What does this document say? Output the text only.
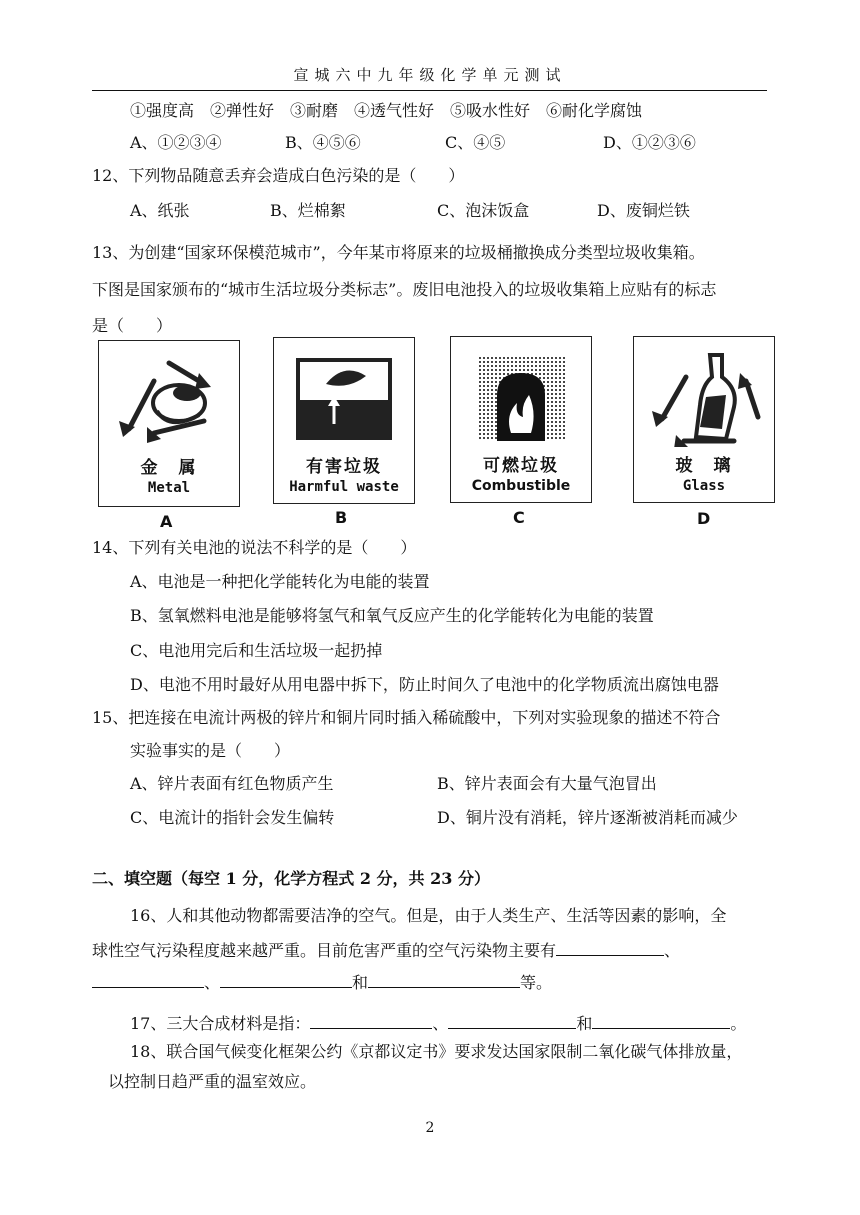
宣城六中九年级化学单元测试
①强度高　②弹性好　③耐磨　④透气性好　⑤吸水性好　⑥耐化学腐蚀
A、①②③④	B、④⑤⑥	C、④⑤	D、①②③⑥
12、下列物品随意丢弃会造成白色污染的是（　　）
A、纸张	B、烂棉絮	C、泡沫饭盒	D、废铜烂铁
13、为创建“国家环保模范城市”，今年某市将原来的垃圾桶撤换成分类型垃圾收集箱。
下图是国家颁布的“城市生活垃圾分类标志”。废旧电池投入的垃圾收集箱上应贴有的标志
是（　　）
金　属
Metal
A
有害垃圾
Harmful waste
B
可燃垃圾
Combustible
C
玻　璃
Glass
D
14、下列有关电池的说法不科学的是（　　）
A、电池是一种把化学能转化为电能的装置
B、氢氧燃料电池是能够将氢气和氧气反应产生的化学能转化为电能的装置
C、电池用完后和生活垃圾一起扔掉
D、电池不用时最好从用电器中拆下，防止时间久了电池中的化学物质流出腐蚀电器
15、把连接在电流计两极的锌片和铜片同时插入稀硫酸中，下列对实验现象的描述不符合
实验事实的是（　　）
A、锌片表面有红色物质产生	B、锌片表面会有大量气泡冒出
C、电流计的指针会发生偏转	D、铜片没有消耗，锌片逐渐被消耗而减少
二、填空题（每空 1 分，化学方程式 2 分，共 23 分）
16、人和其他动物都需要洁净的空气。但是，由于人类生产、生活等因素的影响，全
球性空气污染程度越来越严重。目前危害严重的空气污染物主要有	、
、	和	等。
17、三大合成材料是指：	、	和	。
18、联合国气候变化框架公约《京都议定书》要求发达国家限制二氧化碳气体排放量，
以控制日趋严重的温室效应。
2
